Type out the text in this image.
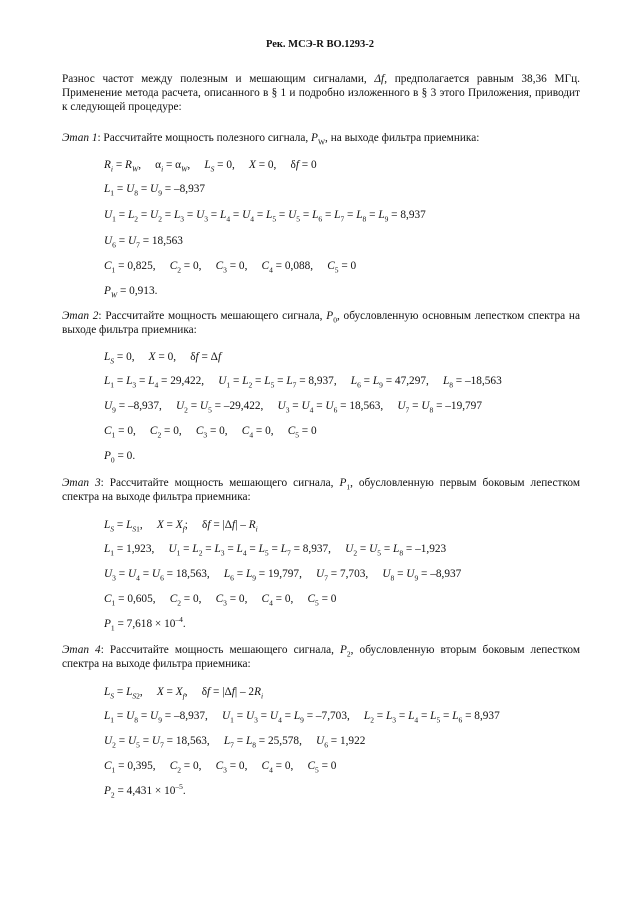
Рек. МСЭ-R BO.1293-2
Разнос частот между полезным и мешающим сигналами, Δf, предполагается равным 38,36 МГц. Применение метода расчета, описанного в § 1 и подробно изложенного в § 3 этого Приложения, приводит к следующей процедуре:
Этап 1: Рассчитайте мощность полезного сигнала, $P_W$, на выходе фильтра приемника:
$R_i = R_W$,     $\alpha_i = \alpha_W$,     $L_S = 0$,     X = 0,     δf = 0
$L_1 = U_8 = U_9 = -8,937$
$U_1 = L_2 = U_2 = L_3 = U_3 = L_4 = U_4 = L_5 = U_5 = L_6 = L_7 = L_8 = L_9 = 8,937$
$U_6 = U_7 = 18,563$
$C_1 = 0,825$,     $C_2 = 0$,     $C_3 = 0$,     $C_4 = 0,088$,     $C_5 = 0$
$P_W = 0,913$.
Этап 2: Рассчитайте мощность мешающего сигнала, $P_0$, обусловленную основным лепестком спектра на выходе фильтра приемника:
$L_S = 0$,     X = 0,     δf = Δf
$L_1 = L_3 = L_4 = 29,422$,     $U_1 = L_2 = L_5 = L_7 = 8,937$,     $L_6 = L_9 = 47,297$,     $L_8 = -18,563$
$U_9 = -8,937$,     $U_2 = U_5 = -29,422$,     $U_3 = U_4 = U_6 = 18,563$,     $U_7 = U_8 = -19,797$
$C_1 = 0$,     $C_2 = 0$,     $C_3 = 0$,     $C_4 = 0$,     $C_5 = 0$
$P_0 = 0$.
Этап 3: Рассчитайте мощность мешающего сигнала, $P_1$, обусловленную первым боковым лепестком спектра на выходе фильтра приемника:
$L_S = L_{S1}$,     $X = X_f$;     $\delta f = |\Delta f| - R_i$
$L_1 = 1,923$,     $U_1 = L_2 = L_3 = L_4 = L_5 = L_7 = 8,937$,     $U_2 = U_5 = L_8 = -1,923$
$U_3 = U_4 = U_6 = 18,563$,     $L_6 = L_9 = 19,797$,     $U_7 = 7,703$,     $U_8 = U_9 = -8,937$
$C_1 = 0,605$,     $C_2 = 0$,     $C_3 = 0$,     $C_4 = 0$,     $C_5 = 0$
$P_1 = 7,618 \times 10^{-4}$.
Этап 4: Рассчитайте мощность мешающего сигнала, $P_2$, обусловленную вторым боковым лепестком спектра на выходе фильтра приемника:
$L_S = L_{S2}$,     $X = X_f$,     $\delta f = |\Delta f| - 2R_i$
$L_1 = U_8 = U_9 = -8,937$,     $U_1 = U_3 = U_4 = L_9 = -7,703$,     $L_2 = L_3 = L_4 = L_5 = L_6 = 8,937$
$U_2 = U_5 = U_7 = 18,563$,     $L_7 = L_8 = 25,578$,     $U_6 = 1,922$
$C_1 = 0,395$,     $C_2 = 0$,     $C_3 = 0$,     $C_4 = 0$,     $C_5 = 0$
$P_2 = 4,431 \times 10^{-5}$.
